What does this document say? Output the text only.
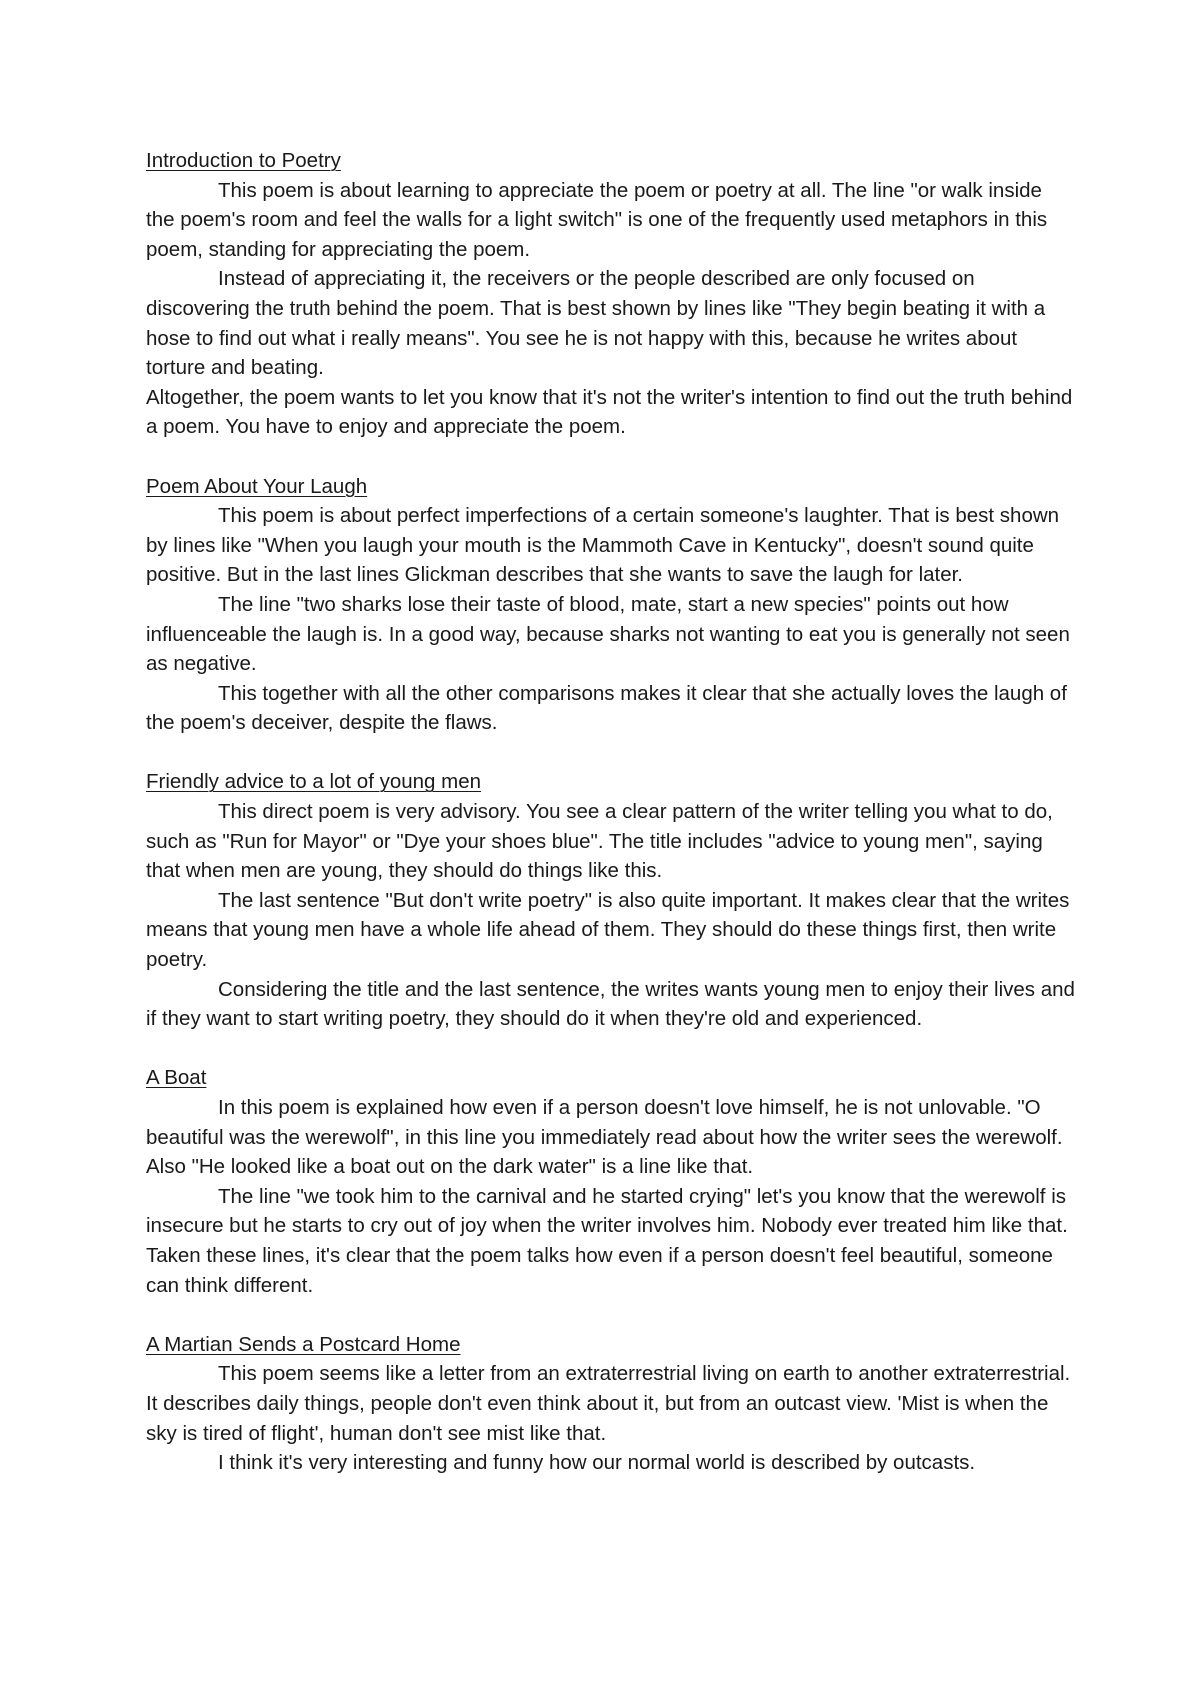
Introduction to Poetry

This poem is about learning to appreciate the poem or poetry at all. The line "or walk inside the poem's room and feel the walls for a light switch" is one of the frequently used metaphors in this poem, standing for appreciating the poem.

Instead of appreciating it, the receivers or the people described are only focused on discovering the truth behind the poem. That is best shown by lines like "They begin beating it with a hose to find out what i really means". You see he is not happy with this, because he writes about torture and beating.

Altogether, the poem wants to let you know that it's not the writer's intention to find out the truth behind a poem. You have to enjoy and appreciate the poem.

Poem About Your Laugh

This poem is about perfect imperfections of a certain someone's laughter. That is best shown by lines like "When you laugh your mouth is the Mammoth Cave in Kentucky", doesn't sound quite positive. But in the last lines Glickman describes that she wants to save the laugh for later.

The line "two sharks lose their taste of blood, mate, start a new species" points out how influenceable the laugh is. In a good way, because sharks not wanting to eat you is generally not seen as negative.

This together with all the other comparisons makes it clear that she actually loves the laugh of the poem's deceiver, despite the flaws.

Friendly advice to a lot of young men

This direct poem is very advisory. You see a clear pattern of the writer telling you what to do, such as "Run for Mayor" or "Dye your shoes blue". The title includes "advice to young men", saying that when men are young, they should do things like this.

The last sentence "But don't write poetry" is also quite important. It makes clear that the writes means that young men have a whole life ahead of them. They should do these things first, then write poetry.

Considering the title and the last sentence, the writes wants young men to enjoy their lives and if they want to start writing poetry, they should do it when they're old and experienced.

A Boat

In this poem is explained how even if a person doesn't love himself, he is not unlovable. "O beautiful was the werewolf", in this line you immediately read about how the writer sees the werewolf. Also "He looked like a boat out on the dark water" is a line like that.

The line "we took him to the carnival and he started crying" let's you know that the werewolf is insecure but he starts to cry out of joy when the writer involves him. Nobody ever treated him like that.

Taken these lines, it's clear that the poem talks how even if a person doesn't feel beautiful, someone can think different.

A Martian Sends a Postcard Home

This poem seems like a letter from an extraterrestrial living on earth to another extraterrestrial. It describes daily things, people don't even think about it, but from an outcast view. 'Mist is when the sky is tired of flight', human don't see mist like that.

I think it's very interesting and funny how our normal world is described by outcasts.
